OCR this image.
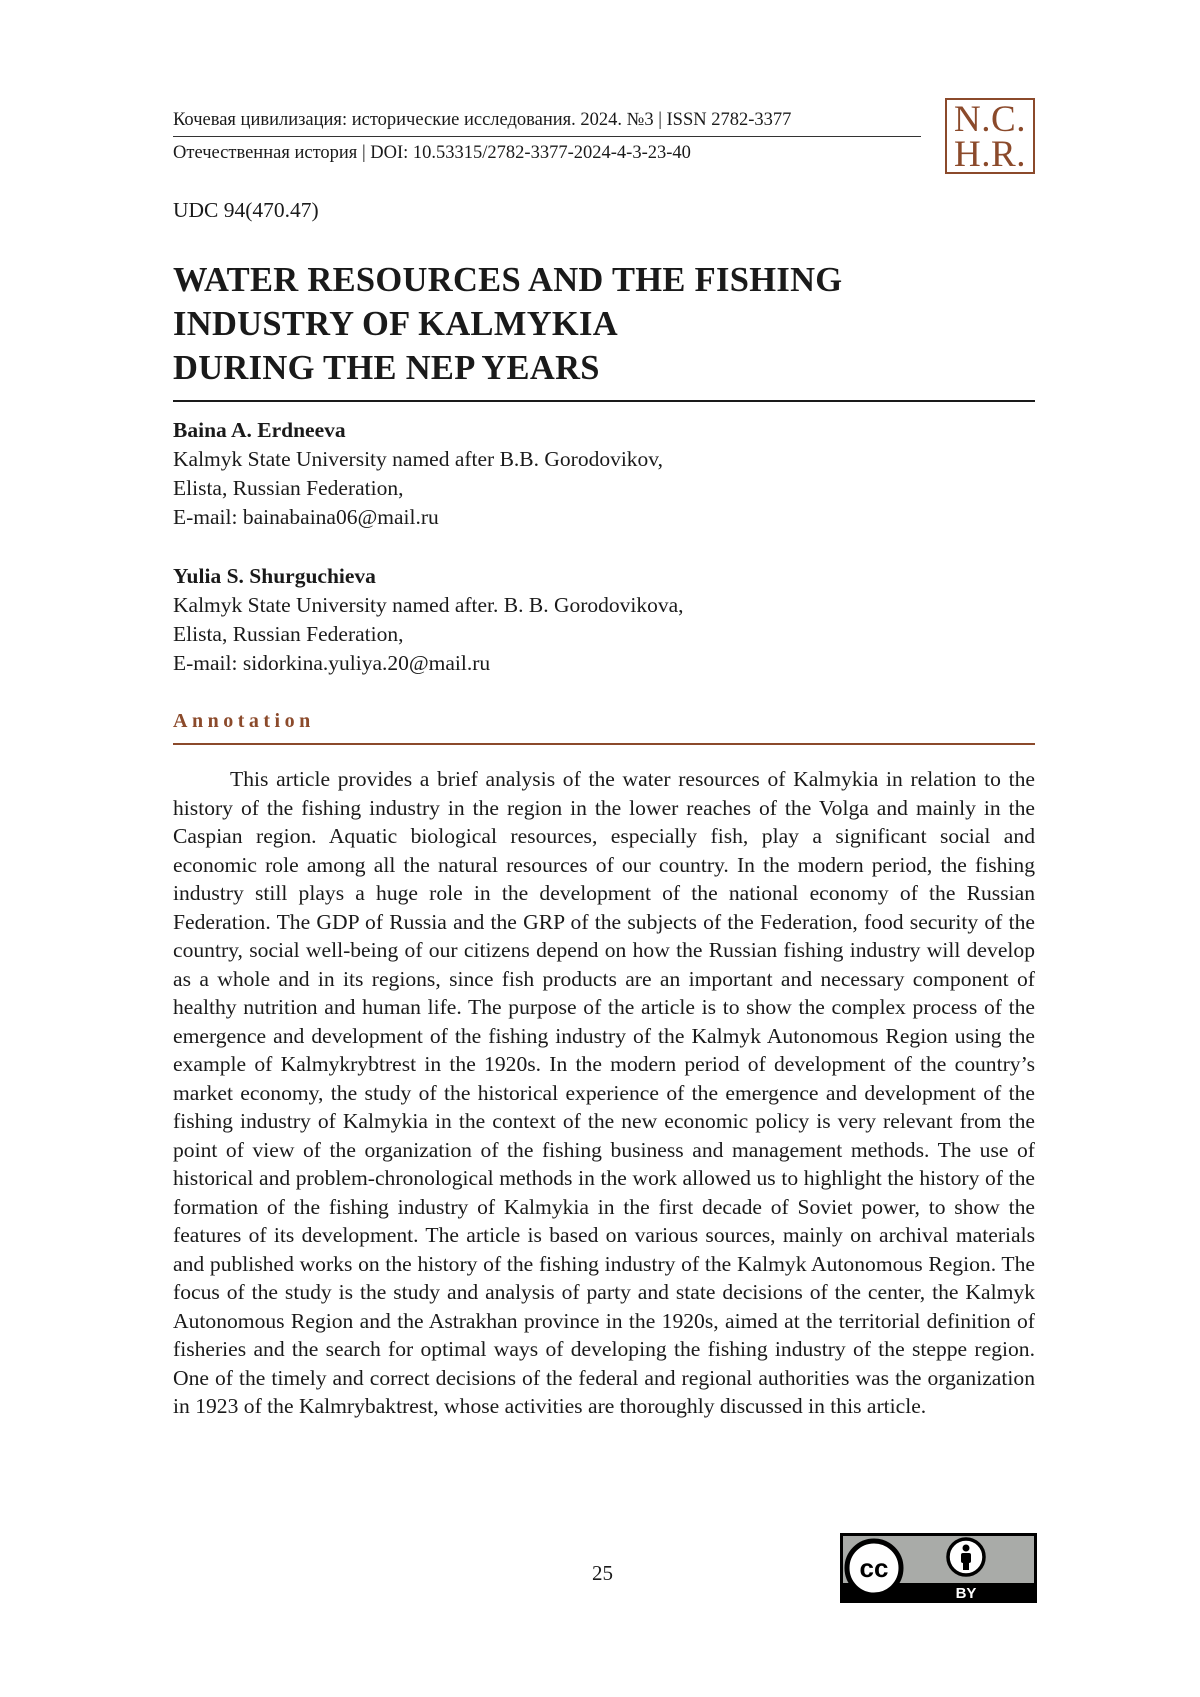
Кочевая цивилизация: исторические исследования. 2024. №3 | ISSN 2782-3377
Отечественная история | DOI: 10.53315/2782-3377-2024-4-3-23-40
N.C.
H.R.
UDC 94(470.47)
WATER RESOURCES AND THE FISHING
INDUSTRY OF KALMYKIA
DURING THE NEP YEARS
Baina A. Erdneeva
Kalmyk State University named after B.B. Gorodovikov,
Elista, Russian Federation,
E-mail: bainabaina06@mail.ru
Yulia S. Shurguchieva
Kalmyk State University named after. B. B. Gorodovikova,
Elista, Russian Federation,
E-mail: sidorkina.yuliya.20@mail.ru
Annotation

This article provides a brief analysis of the water resources of Kalmykia in relation to the history of the fishing industry in the region in the lower reaches of the Volga and mainly in the Caspian region. Aquatic biological resources, especially fish, play a significant social and economic role among all the natural resources of our country. In the modern period, the fishing industry still plays a huge role in the development of the national economy of the Russian Federation. The GDP of Russia and the GRP of the subjects of the Federation, food security of the country, social well-being of our citizens depend on how the Russian fishing industry will develop as a whole and in its regions, since fish products are an important and necessary component of healthy nutrition and human life. The purpose of the article is to show the complex process of the emergence and development of the fishing industry of the Kalmyk Autonomous Region using the example of Kalmykrybtrest in the 1920s. In the modern period of development of the country’s market economy, the study of the historical experience of the emergence and development of the fishing industry of Kalmykia in the context of the new economic policy is very relevant from the point of view of the organization of the fishing business and management methods. The use of historical and problem-chronological methods in the work allowed us to highlight the history of the formation of the fishing industry of Kalmykia in the first decade of Soviet power, to show the features of its development. The article is based on various sources, mainly on archival materials and published works on the history of the fishing industry of the Kalmyk Autonomous Region. The focus of the study is the study and analysis of party and state decisions of the center, the Kalmyk Autonomous Region and the Astrakhan province in the 1920s, aimed at the territorial definition of fisheries and the search for optimal ways of developing the fishing industry of the steppe region. One of the timely and correct decisions of the federal and regional authorities was the organization in 1923 of the Kalmrybaktrest, whose activities are thoroughly discussed in this article.

25	cc
BY
